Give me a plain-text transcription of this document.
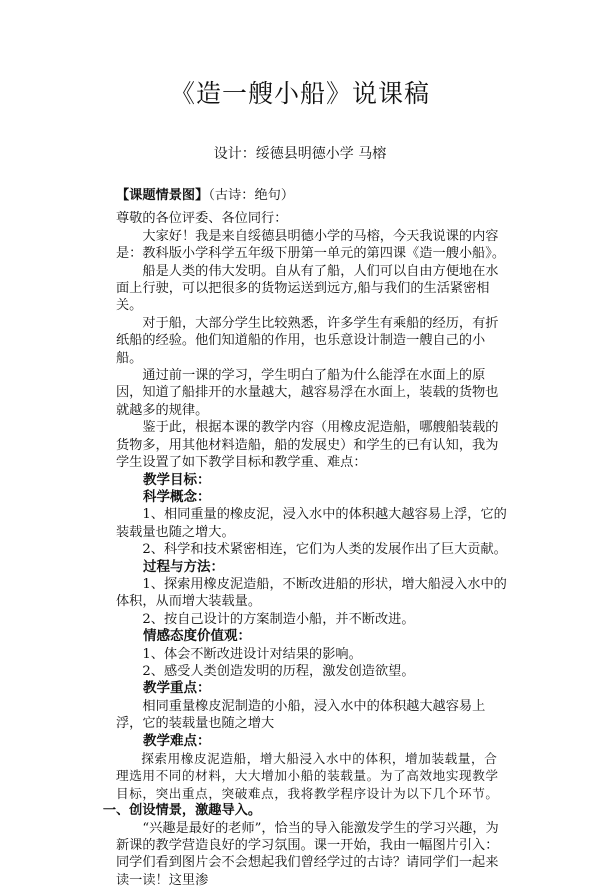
《造一艘小船》说课稿

设计：绥德县明德小学 马榕

【课题情景图】（古诗：绝句）

尊敬的各位评委、各位同行：

大家好！我是来自绥德县明德小学的马榕，今天我说课的内容是：教科版小学科学五年级下册第一单元的第四课《造一艘小船》。

船是人类的伟大发明。自从有了船，人们可以自由方便地在水面上行驶，可以把很多的货物运送到远方,船与我们的生活紧密相关。

对于船，大部分学生比较熟悉，许多学生有乘船的经历，有折纸船的经验。他们知道船的作用，也乐意设计制造一艘自己的小船。

通过前一课的学习，学生明白了船为什么能浮在水面上的原因，知道了船排开的水量越大，越容易浮在水面上，装载的货物也就越多的规律。

鉴于此，根据本课的教学内容（用橡皮泥造船，哪艘船装载的货物多，用其他材料造船，船的发展史）和学生的已有认知，我为学生设置了如下教学目标和教学重、难点：

教学目标：

科学概念：

1、相同重量的橡皮泥，浸入水中的体积越大越容易上浮，它的装载量也随之增大。

2、科学和技术紧密相连，它们为人类的发展作出了巨大贡献。

过程与方法：

1、探索用橡皮泥造船，不断改进船的形状，增大船浸入水中的体积，从而增大装载量。

2、按自己设计的方案制造小船，并不断改进。

情感态度价值观：

1、体会不断改进设计对结果的影响。

2、感受人类创造发明的历程，激发创造欲望。

教学重点：

相同重量橡皮泥制造的小船，浸入水中的体积越大越容易上浮，它的装载量也随之增大

教学难点：

探索用橡皮泥造船，增大船浸入水中的体积，增加装载量，合理选用不同的材料，大大增加小船的装载量。为了高效地实现教学目标，突出重点，突破难点，我将教学程序设计为以下几个环节。

一、创设情景，激趣导入。

“兴趣是最好的老师”，恰当的导入能激发学生的学习兴趣，为新课的教学营造良好的学习氛围。课一开始，我由一幅图片引入：同学们看到图片会不会想起我们曾经学过的古诗？请同学们一起来读一读！这里渗
